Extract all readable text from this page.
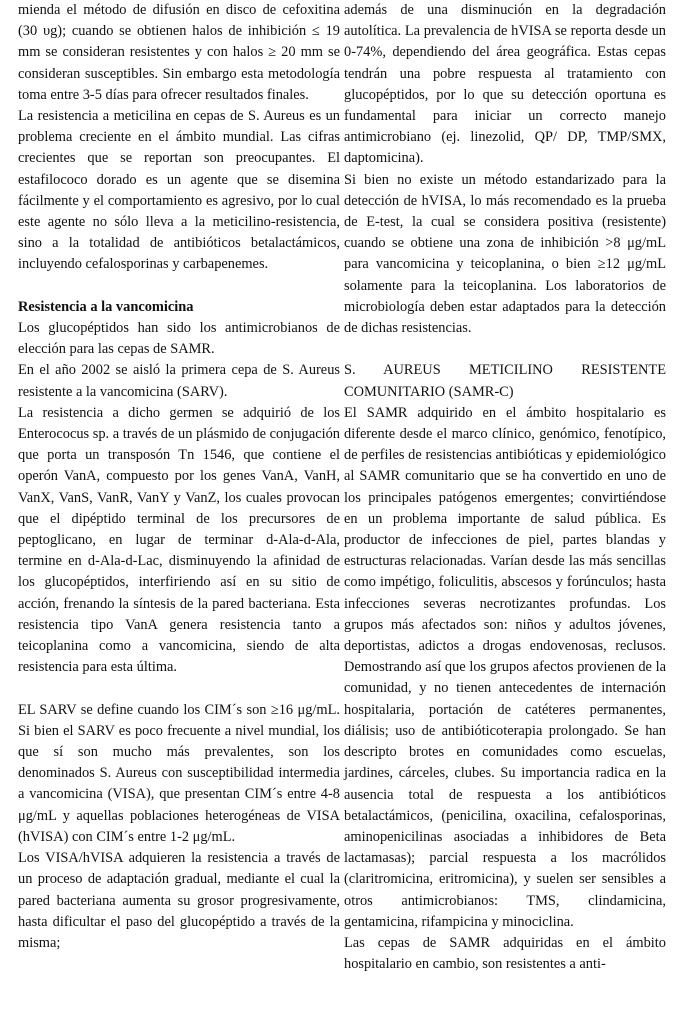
mienda el método de difusión en disco de cefoxitina (30 υg); cuando se obtienen halos de inhibición ≤ 19 mm se consideran resistentes y con halos ≥ 20 mm se consideran susceptibles. Sin embargo esta metodología toma entre 3-5 días para ofrecer resultados finales.

La resistencia a meticilina en cepas de S. Aureus es un problema creciente en el ámbito mundial. Las cifras crecientes que se reportan son preocupantes. El estafilococo dorado es un agente que se disemina fácilmente y el comportamiento es agresivo, por lo cual este agente no sólo lleva a la meticilino-resistencia, sino a la totalidad de antibióticos betalactámicos, incluyendo cefalosporinas y carbapenemes.

Resistencia a la vancomicina

Los glucopéptidos han sido los antimicrobianos de elección para las cepas de SAMR.

En el año 2002 se aisló la primera cepa de S. Aureus resistente a la vancomicina (SARV).

La resistencia a dicho germen se adquirió de los Enterococus sp. a través de un plásmido de conjugación que porta un transposón Tn 1546, que contiene el operón VanA, compuesto por los genes VanA, VanH, VanX, VanS, VanR, VanY y VanZ, los cuales provocan que el dipéptido terminal de los precursores de peptoglicano, en lugar de terminar d-Ala-d-Ala, termine en d-Ala-d-Lac, disminuyendo la afinidad de los glucopéptidos, interfiriendo así en su sitio de acción, frenando la síntesis de la pared bacteriana. Esta resistencia tipo VanA genera resistencia tanto a teicoplanina como a vancomicina, siendo de alta resistencia para esta última.

EL SARV se define cuando los CIM´s son ≥16 μg/mL. Si bien el SARV es poco frecuente a nivel mundial, los que sí son mucho más prevalentes, son los denominados S. Aureus con susceptibilidad intermedia a vancomicina (VISA), que presentan CIM´s entre 4-8 μg/mL y aquellas poblaciones heterogéneas de VISA (hVISA) con CIM´s entre 1-2 μg/mL.

Los VISA/hVISA adquieren la resistencia a través de un proceso de adaptación gradual, mediante el cual la pared bacteriana aumenta su grosor progresivamente, hasta dificultar el paso del glucopéptido a través de la misma;

además de una disminución en la degradación autolítica. La prevalencia de hVISA se reporta desde un 0-74%, dependiendo del área geográfica. Estas cepas tendrán una pobre respuesta al tratamiento con glucopéptidos, por lo que su detección oportuna es fundamental para iniciar un correcto manejo antimicrobiano (ej. linezolid, QP/ DP, TMP/SMX, daptomicina).

Si bien no existe un método estandarizado para la detección de hVISA, lo más recomendado es la prueba de E-test, la cual se considera positiva (resistente) cuando se obtiene una zona de inhibición >8 μg/mL para vancomicina y teicoplanina, o bien ≥12 μg/mL solamente para la teicoplanina. Los laboratorios de microbiología deben estar adaptados para la detección de dichas resistencias.

S. AUREUS METICILINO RESISTENTE COMUNITARIO (SAMR-C)

El SAMR adquirido en el ámbito hospitalario es diferente desde el marco clínico, genómico, fenotípico, de perfiles de resistencias antibióticas y epidemiológico al SAMR comunitario que se ha convertido en uno de los principales patógenos emergentes; convirtiéndose en un problema importante de salud pública. Es productor de infecciones de piel, partes blandas y estructuras relacionadas. Varían desde las más sencillas como impétigo, foliculitis, abscesos y forúnculos; hasta infecciones severas necrotizantes profundas. Los grupos más afectados son: niños y adultos jóvenes, deportistas, adictos a drogas endovenosas, reclusos. Demostrando así que los grupos afectos provienen de la comunidad, y no tienen antecedentes de internación hospitalaria, portación de catéteres permanentes, diálisis; uso de antibióticoterapia prolongado. Se han descripto brotes en comunidades como escuelas, jardines, cárceles, clubes. Su importancia radica en la ausencia total de respuesta a los antibióticos betalactámicos, (penicilina, oxacilina, cefalosporinas, aminopenicilinas asociadas a inhibidores de Beta lactamasas); parcial respuesta a los macrólidos (claritromicina, eritromicina), y suelen ser sensibles a otros antimicrobianos: TMS, clindamicina, gentamicina, rifampicina y minociclina.

Las cepas de SAMR adquiridas en el ámbito hospitalario en cambio, son resistentes a anti-
